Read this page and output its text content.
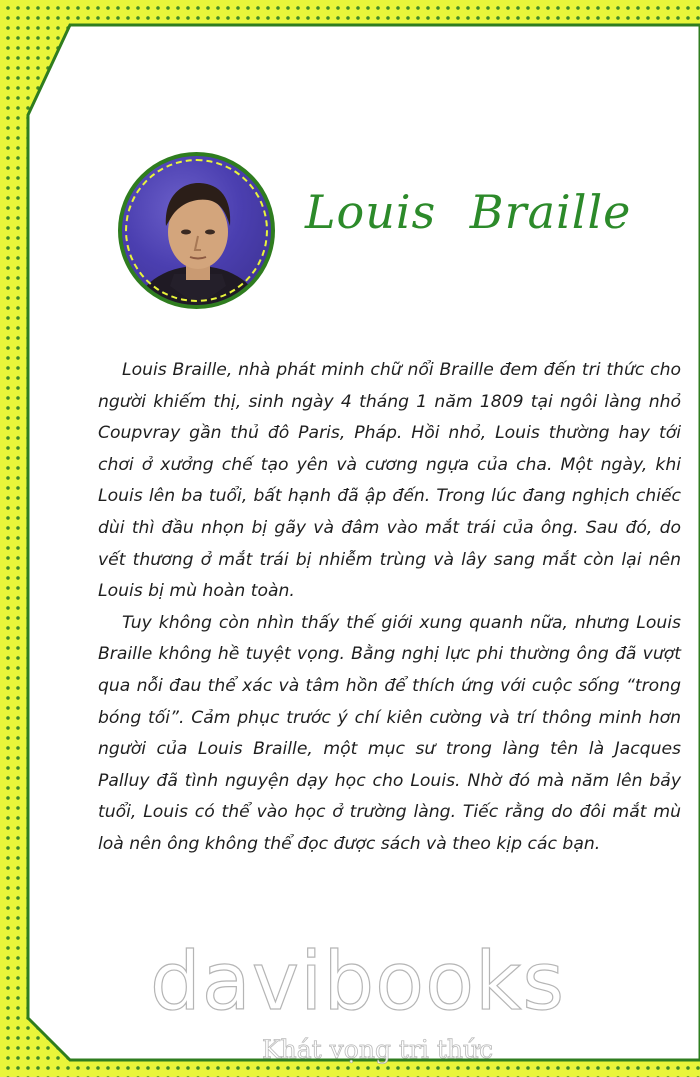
Louis Braille

Louis Braille, nhà phát minh chữ nổi Braille đem đến tri thức cho người khiếm thị, sinh ngày 4 tháng 1 năm 1809 tại ngôi làng nhỏ Coupvray gần thủ đô Paris, Pháp. Hồi nhỏ, Louis thường hay tới chơi ở xưởng chế tạo yên và cương ngựa của cha. Một ngày, khi Louis lên ba tuổi, bất hạnh đã ập đến. Trong lúc đang nghịch chiếc dùi thì đầu nhọn bị gãy và đâm vào mắt trái của ông. Sau đó, do vết thương ở mắt trái bị nhiễm trùng và lây sang mắt còn lại nên Louis bị mù hoàn toàn.

Tuy không còn nhìn thấy thế giới xung quanh nữa, nhưng Louis Braille không hề tuyệt vọng. Bằng nghị lực phi thường ông đã vượt qua nỗi đau thể xác và tâm hồn để thích ứng với cuộc sống “trong bóng tối”. Cảm phục trước ý chí kiên cường và trí thông minh hơn người của Louis Braille, một mục sư trong làng tên là Jacques Palluy đã tình nguyện dạy học cho Louis. Nhờ đó mà năm lên bảy tuổi, Louis có thể vào học ở trường làng. Tiếc rằng do đôi mắt mù loà nên ông không thể đọc được sách và theo kịp các bạn.

davibooks
Khát vọng tri thức
